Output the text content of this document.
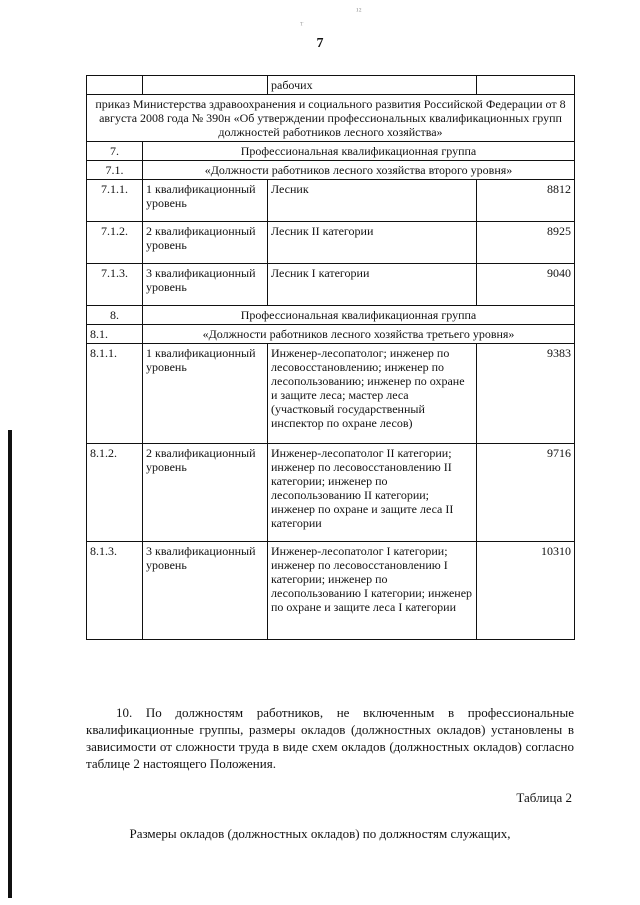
¹²
ᵀ
7
		рабочих	
приказ Министерства здравоохранения и социального развития Российской Федерации от 8 августа 2008 года № 390н «Об утверждении профессиональных квалификационных групп должностей работников лесного хозяйства»			
7.	Профессиональная квалификационная группа		
7.1.	«Должности работников лесного хозяйства второго уровня»		
7.1.1.	1 квалификационный уровень	Лесник	8812
7.1.2.	2 квалификационный уровень	Лесник II категории	8925
7.1.3.	3 квалификационный уровень	Лесник I категории	9040
8.	Профессиональная квалификационная группа		
8.1.	«Должности работников лесного хозяйства третьего уровня»		
8.1.1.	1 квалификационный уровень	Инженер-лесопатолог; инженер по лесовосстановлению; инженер по лесопользованию; инженер по охране и защите леса; мастер леса (участковый государственный инспектор по охране лесов)	9383
8.1.2.	2 квалификационный уровень	Инженер-лесопатолог II категории; инженер по лесовосстановлению II категории; инженер по лесопользованию II категории; инженер по охране и защите леса II категории	9716
8.1.3.	3 квалификационный уровень	Инженер-лесопатолог I категории; инженер по лесовосстановлению I категории; инженер по лесопользованию I категории; инженер по охране и защите леса I категории	10310

10. По должностям работников, не включенным в профессиональные квалификационные группы, размеры окладов (должностных окладов) установлены в зависимости от сложности труда в виде схем окладов (должностных окладов) согласно таблице 2 настоящего Положения.

Таблица 2
Размеры окладов (должностных окладов) по должностям служащих,
